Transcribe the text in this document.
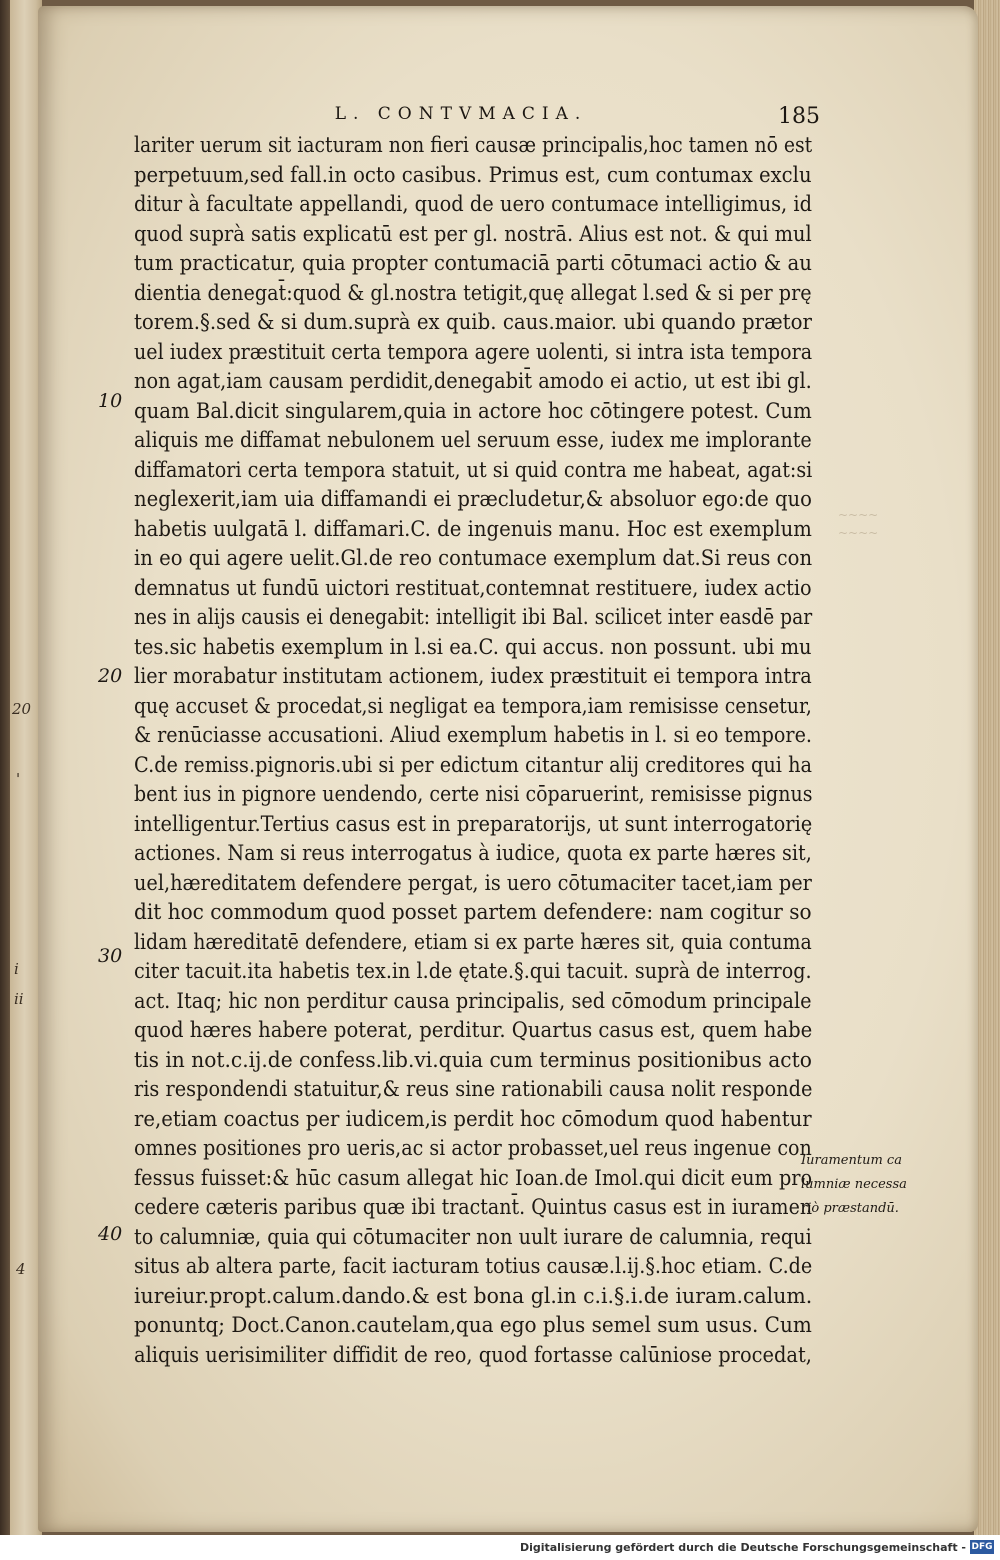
20
'
i
ii
4
L. CONTVMACIA.	185
lariter uerum sit iacturam non fieri causæ principalis,hoc tamen nō est
perpetuum,sed fall.in octo casibus. Primus est, cum contumax exclu
ditur à facultate appellandi, quod de uero contumace intelligimus, id
quod suprà satis explicatū est per gl. nostrā. Alius est not. & qui mul
tum practicatur, quia propter contumaciā parti cōtumaci actio & au
dientia denegat̄:quod & gl.nostra tetigit,quę allegat l.sed & si per prę
torem.§.sed & si dum.suprà ex quib. caus.maior. ubi quando prætor
uel iudex præstituit certa tempora agere uolenti, si intra ista tempora
non agat,iam causam perdidit,denegabit̄ amodo ei actio, ut est ibi gl.
quam Bal.dicit singularem,quia in actore hoc cōtingere potest. Cum
aliquis me diffamat nebulonem uel seruum esse, iudex me implorante
diffamatori certa tempora statuit, ut si quid contra me habeat, agat:si
neglexerit,iam uia diffamandi ei præcludetur,& absoluor ego:de quo
habetis uulgatā l. diffamari.C. de ingenuis manu. Hoc est exemplum
in eo qui agere uelit.Gl.de reo contumace exemplum dat.Si reus con
demnatus ut fundū uictori restituat,contemnat restituere, iudex actio
nes in alijs causis ei denegabit: intelligit ibi Bal. scilicet inter easdē par
tes.sic habetis exemplum in l.si ea.C. qui accus. non possunt. ubi mu
lier morabatur institutam actionem, iudex præstituit ei tempora intra
quę accuset & procedat,si negligat ea tempora,iam remisisse censetur,
& renūciasse accusationi. Aliud exemplum habetis in l. si eo tempore.
C.de remiss.pignoris.ubi si per edictum citantur alij creditores qui ha
bent ius in pignore uendendo, certe nisi cōparuerint, remisisse pignus
intelligentur.Tertius casus est in preparatorijs, ut sunt interrogatorię
actiones. Nam si reus interrogatus à iudice, quota ex parte hæres sit,
uel,hæreditatem defendere pergat, is uero cōtumaciter tacet,iam per
dit hoc commodum quod posset partem defendere: nam cogitur so
lidam hæreditatē defendere, etiam si ex parte hæres sit, quia contuma
citer tacuit.ita habetis tex.in l.de ętate.§.qui tacuit. suprà de interrog.
act. Itaq; hic non perditur causa principalis, sed cōmodum principale
quod hæres habere poterat, perditur. Quartus casus est, quem habe
tis in not.c.ij.de confess.lib.vi.quia cum terminus positionibus acto
ris respondendi statuitur,& reus sine rationabili causa nolit responde
re,etiam coactus per iudicem,is perdit hoc cōmodum quod habentur
omnes positiones pro ueris,ac si actor probasset,uel reus ingenue con
fessus fuisset:& hūc casum allegat hic Ioan.de Imol.qui dicit eum pro
cedere cæteris paribus quæ ibi tractant̄. Quintus casus est in iuramen
to calumniæ, quia qui cōtumaciter non uult iurare de calumnia, requi
situs ab altera parte, facit iacturam totius causæ.l.ij.§.hoc etiam. C.de
iureiur.propt.calum.dando.& est bona gl.in c.i.§.i.de iuram.calum.
ponuntq; Doct.Canon.cautelam,qua ego plus semel sum usus. Cum
aliquis uerisimiliter diffidit de reo, quod fortasse calūniose procedat,
10
20
30
40
~~~~
~~~~
Iuramentum ca
lumniæ necessa
riò præstandū.
Digitalisierung gefördert durch die Deutsche Forschungsgemeinschaft - DFG
